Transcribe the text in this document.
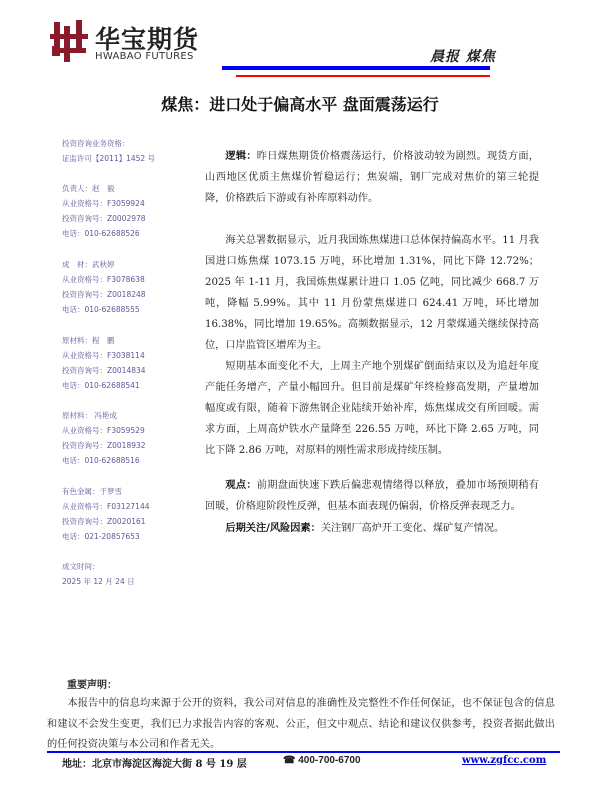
华宝期货
HWABAO FUTURES	晨报 煤焦
煤焦：进口处于偏高水平 盘面震荡运行
投资咨询业务资格：
证监许可【2011】1452 号
负责人：赵　毅
从业资格号：F3059924
投资咨询号：Z0002978
电话：010-62688526
成　材：武秋婷
从业资格号：F3078638
投资咨询号：Z0018248
电话：010-62688555
原材料：程　鹏
从业资格号：F3038114
投资咨询号：Z0014834
电话：010-62688541
原材料： 冯艳成
从业资格号：F3059529
投资咨询号：Z0018932
电话：010-62688516
有色金属：于梦雪
从业资格号：F03127144
投资咨询号：Z0020161
电话：021-20857653
成文时间：
2025 年 12 月 24 日
逻辑：昨日煤焦期货价格震荡运行，价格波动较为剧烈。现货方面，山西地区优质主焦煤价暂稳运行；焦炭端，钢厂完成对焦价的第三轮提降，价格跌后下游或有补库原料动作。
海关总署数据显示，近月我国炼焦煤进口总体保持偏高水平。11 月我国进口炼焦煤 1073.15 万吨，环比增加 1.31%，同比下降 12.72%；2025 年 1-11 月，我国炼焦煤累计进口 1.05 亿吨，同比减少 668.7 万吨，降幅 5.99%。其中 11 月份蒙焦煤进口 624.41 万吨，环比增加 16.38%，同比增加 19.65%。高频数据显示，12 月蒙煤通关继续保持高位，口岸监管区增库为主。
短期基本面变化不大，上周主产地个别煤矿倒面结束以及为追赶年度产能任务增产，产量小幅回升。但目前是煤矿年终检修高发期，产量增加幅度或有限，随着下游焦钢企业陆续开始补库，炼焦煤成交有所回暖。需求方面，上周高炉铁水产量降至 226.55 万吨，环比下降 2.65 万吨，同比下降 2.86 万吨，对原料的刚性需求形成持续压制。
观点：前期盘面快速下跌后偏悲观情绪得以释放，叠加市场预期稍有回暖，价格迎阶段性反弹，但基本面表现仍偏弱，价格反弹表现乏力。
后期关注/风险因素：关注钢厂高炉开工变化、煤矿复产情况。
重要声明：
本报告中的信息均来源于公开的资料，我公司对信息的准确性及完整性不作任何保证，也不保证包含的信息和建议不会发生变更，我们已力求报告内容的客观、公正，但文中观点、结论和建议仅供参考，投资者据此做出的任何投资决策与本公司和作者无关。
地址：北京市海淀区海淀大街 8 号 19 层	☎ 400-700-6700	www.zgfcc.com
